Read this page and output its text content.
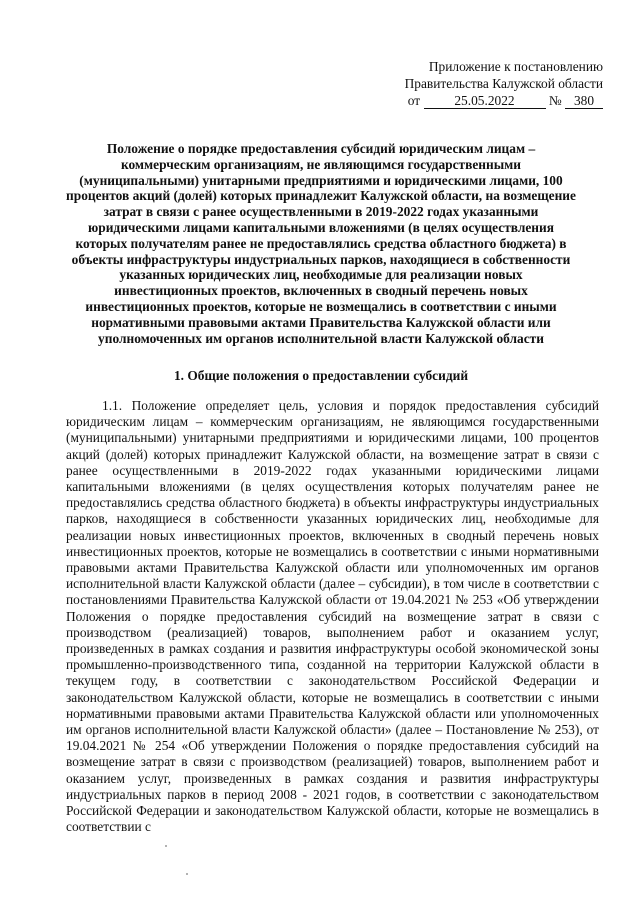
Приложение к постановлению
Правительства Калужской области
от	25.05.2022	№ 380
Положение о порядке предоставления субсидий юридическим лицам – коммерческим организациям, не являющимся государственными (муниципальными) унитарными предприятиями и юридическими лицами, 100 процентов акций (долей) которых принадлежит Калужской области, на возмещение затрат в связи с ранее осуществленными в 2019-2022 годах указанными юридическими лицами капитальными вложениями (в целях осуществления которых получателям ранее не предоставлялись средства областного бюджета) в объекты инфраструктуры индустриальных парков, находящиеся в собственности указанных юридических лиц, необходимые для реализации новых инвестиционных проектов, включенных в сводный перечень новых инвестиционных проектов, которые не возмещались в соответствии с иными нормативными правовыми актами Правительства Калужской области или уполномоченных им органов исполнительной власти Калужской области
1. Общие положения о предоставлении субсидий
1.1. Положение определяет цель, условия и порядок предоставления субсидий юридическим лицам – коммерческим организациям, не являющимся государственными (муниципальными) унитарными предприятиями и юридическими лицами, 100 процентов акций (долей) которых принадлежит Калужской области, на возмещение затрат в связи с ранее осуществленными в 2019-2022 годах указанными юридическими лицами капитальными вложениями (в целях осуществления которых получателям ранее не предоставлялись средства областного бюджета) в объекты инфраструктуры индустриальных парков, находящиеся в собственности указанных юридических лиц, необходимые для реализации новых инвестиционных проектов, включенных в сводный перечень новых инвестиционных проектов, которые не возмещались в соответствии с иными нормативными правовыми актами Правительства Калужской области или уполномоченных им органов исполнительной власти Калужской области (далее – субсидии), в том числе в соответствии с постановлениями Правительства Калужской области от 19.04.2021 № 253 «Об утверждении Положения о порядке предоставления субсидий на возмещение затрат в связи с производством (реализацией) товаров, выполнением работ и оказанием услуг, произведенных в рамках создания и развития инфраструктуры особой экономической зоны промышленно-производственного типа, созданной на территории Калужской области в текущем году, в соответствии с законодательством Российской Федерации и законодательством Калужской области, которые не возмещались в соответствии с иными нормативными правовыми актами Правительства Калужской области или уполномоченных им органов исполнительной власти Калужской области» (далее – Постановление № 253), от 19.04.2021 № 254 «Об утверждении Положения о порядке предоставления субсидий на возмещение затрат в связи с производством (реализацией) товаров, выполнением работ и оказанием услуг, произведенных в рамках создания и развития инфраструктуры индустриальных парков в период 2008 - 2021 годов, в соответствии с законодательством Российской Федерации и законодательством Калужской области, которые не возмещались в соответствии с
